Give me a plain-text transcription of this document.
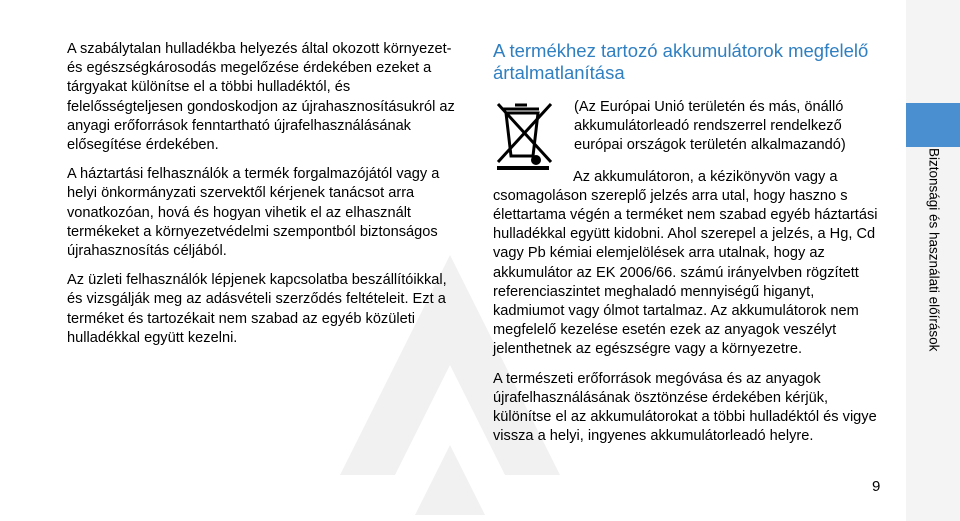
A szabálytalan hulladékba helyezés által okozott környezet- és egészségkárosodás megelőzése érdekében ezeket a tárgyakat különítse el a többi hulladéktól, és felelősségteljesen gondoskodjon az újrahasznosításukról az anyagi erőforrások fenntartható újrafelhasználásának elősegítése érdekében.

A háztartási felhasználók a termék forgalmazójától vagy a helyi önkormányzati szervektől kérjenek tanácsot arra vonatkozóan, hová és hogyan vihetik el az elhasznált termékeket a környezetvédelmi szempontból biztonságos újrahasznosítás céljából.

Az üzleti felhasználók lépjenek kapcsolatba beszállítóikkal, és vizsgálják meg az adásvételi szerződés feltételeit. Ezt a terméket és tartozékait nem szabad az egyéb közületi hulladékkal együtt kezelni.

A termékhez tartozó akkumulátorok megfelelő ártalmatlanítása
(Az Európai Unió területén és más, önálló akkumulátorleadó rendszerrel rendelkező európai országok területén alkalmazandó)

Az akkumulátoron, a kézikönyvön vagy a csomagoláson szereplő jelzés arra utal, hogy haszno s élettartama végén a terméket nem szabad egyéb háztartási hulladékkal együtt kidobni. Ahol szerepel a jelzés, a Hg, Cd vagy Pb kémiai elemjelölések arra utalnak, hogy az akkumulátor az EK 2006/66. számú irányelvben rögzített referenciaszintet meghaladó mennyiségű higanyt, kadmiumot vagy ólmot tartalmaz. Az akkumulátorok nem megfelelő kezelése esetén ezek az anyagok veszélyt jelenthetnek az egészségre vagy a környezetre.

A természeti erőforrások megóvása és az anyagok újrafelhasználásának ösztönzése érdekében kérjük, különítse el az akkumulátorokat a többi hulladéktól és vigye vissza a helyi, ingyenes akkumulátorleadó helyre.

9
Biztonsági és használati előírások
